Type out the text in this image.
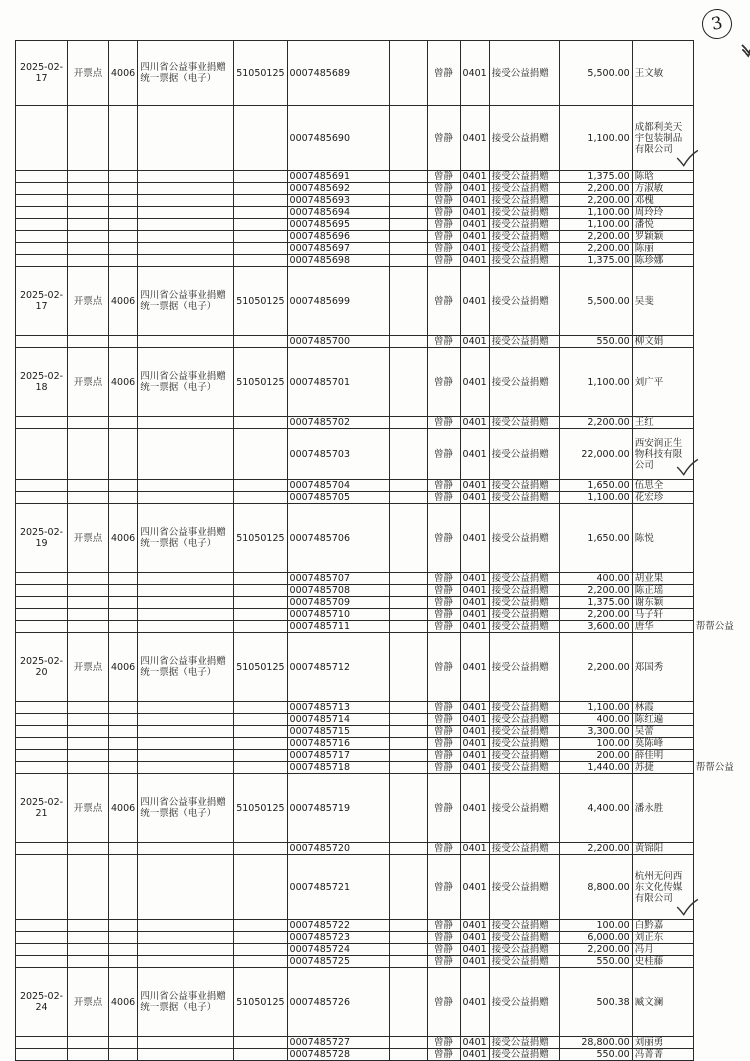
3
2025-02-17	开票点	4006	四川省公益事业捐赠统一票据（电子）	51050125	0007485689		曾静	0401	接受公益捐赠	5,500.00	王文敏

					0007485690		曾静	0401	接受公益捐赠	1,100.00	成都利美天宇包装制品有限公司	

					0007485691		曾静	0401	接受公益捐赠	1,375.00	陈晗

					0007485692		曾静	0401	接受公益捐赠	2,200.00	方淑敏

					0007485693		曾静	0401	接受公益捐赠	2,200.00	邓槐

					0007485694		曾静	0401	接受公益捐赠	1,100.00	周玲玲

					0007485695		曾静	0401	接受公益捐赠	1,100.00	潘悦

					0007485696		曾静	0401	接受公益捐赠	2,200.00	罗颖颖

					0007485697		曾静	0401	接受公益捐赠	2,200.00	陈丽

					0007485698		曾静	0401	接受公益捐赠	1,375.00	陈珍娜

2025-02-17	开票点	4006	四川省公益事业捐赠统一票据（电子）	51050125	0007485699		曾静	0401	接受公益捐赠	5,500.00	吴斐

					0007485700		曾静	0401	接受公益捐赠	550.00	柳文娟

2025-02-18	开票点	4006	四川省公益事业捐赠统一票据（电子）	51050125	0007485701		曾静	0401	接受公益捐赠	1,100.00	刘广平

					0007485702		曾静	0401	接受公益捐赠	2,200.00	王红

					0007485703		曾静	0401	接受公益捐赠	22,000.00	西安润正生物科技有限公司	

					0007485704		曾静	0401	接受公益捐赠	1,650.00	伍思全

					0007485705		曾静	0401	接受公益捐赠	1,100.00	花宏珍

2025-02-19	开票点	4006	四川省公益事业捐赠统一票据（电子）	51050125	0007485706		曾静	0401	接受公益捐赠	1,650.00	陈悦

					0007485707		曾静	0401	接受公益捐赠	400.00	胡业果

					0007485708		曾静	0401	接受公益捐赠	2,200.00	陈正瑶

					0007485709		曾静	0401	接受公益捐赠	1,375.00	谢东颖

					0007485710		曾静	0401	接受公益捐赠	2,200.00	马子轩

					0007485711		曾静	0401	接受公益捐赠	3,600.00	唐华	帮帮公益
2025-02-20	开票点	4006	四川省公益事业捐赠统一票据（电子）	51050125	0007485712		曾静	0401	接受公益捐赠	2,200.00	郑国秀

					0007485713		曾静	0401	接受公益捐赠	1,100.00	林霞

					0007485714		曾静	0401	接受公益捐赠	400.00	陈红遍

					0007485715		曾静	0401	接受公益捐赠	3,300.00	吴蕾

					0007485716		曾静	0401	接受公益捐赠	100.00	莫陈峰

					0007485717		曾静	0401	接受公益捐赠	200.00	薛佳明

					0007485718		曾静	0401	接受公益捐赠	1,440.00	苏捷	帮帮公益
2025-02-21	开票点	4006	四川省公益事业捐赠统一票据（电子）	51050125	0007485719		曾静	0401	接受公益捐赠	4,400.00	潘永胜

					0007485720		曾静	0401	接受公益捐赠	2,200.00	黄锦阳

					0007485721		曾静	0401	接受公益捐赠	8,800.00	杭州无问西东文化传媒有限公司	

					0007485722		曾静	0401	接受公益捐赠	100.00	白黔嘉

					0007485723		曾静	0401	接受公益捐赠	6,000.00	刘正东

					0007485724		曾静	0401	接受公益捐赠	2,200.00	冯月

					0007485725		曾静	0401	接受公益捐赠	550.00	史桂藤

2025-02-24	开票点	4006	四川省公益事业捐赠统一票据（电子）	51050125	0007485726		曾静	0401	接受公益捐赠	500.38	臧文澜

					0007485727		曾静	0401	接受公益捐赠	28,800.00	刘丽勇

					0007485728		曾静	0401	接受公益捐赠	550.00	冯菁菁
